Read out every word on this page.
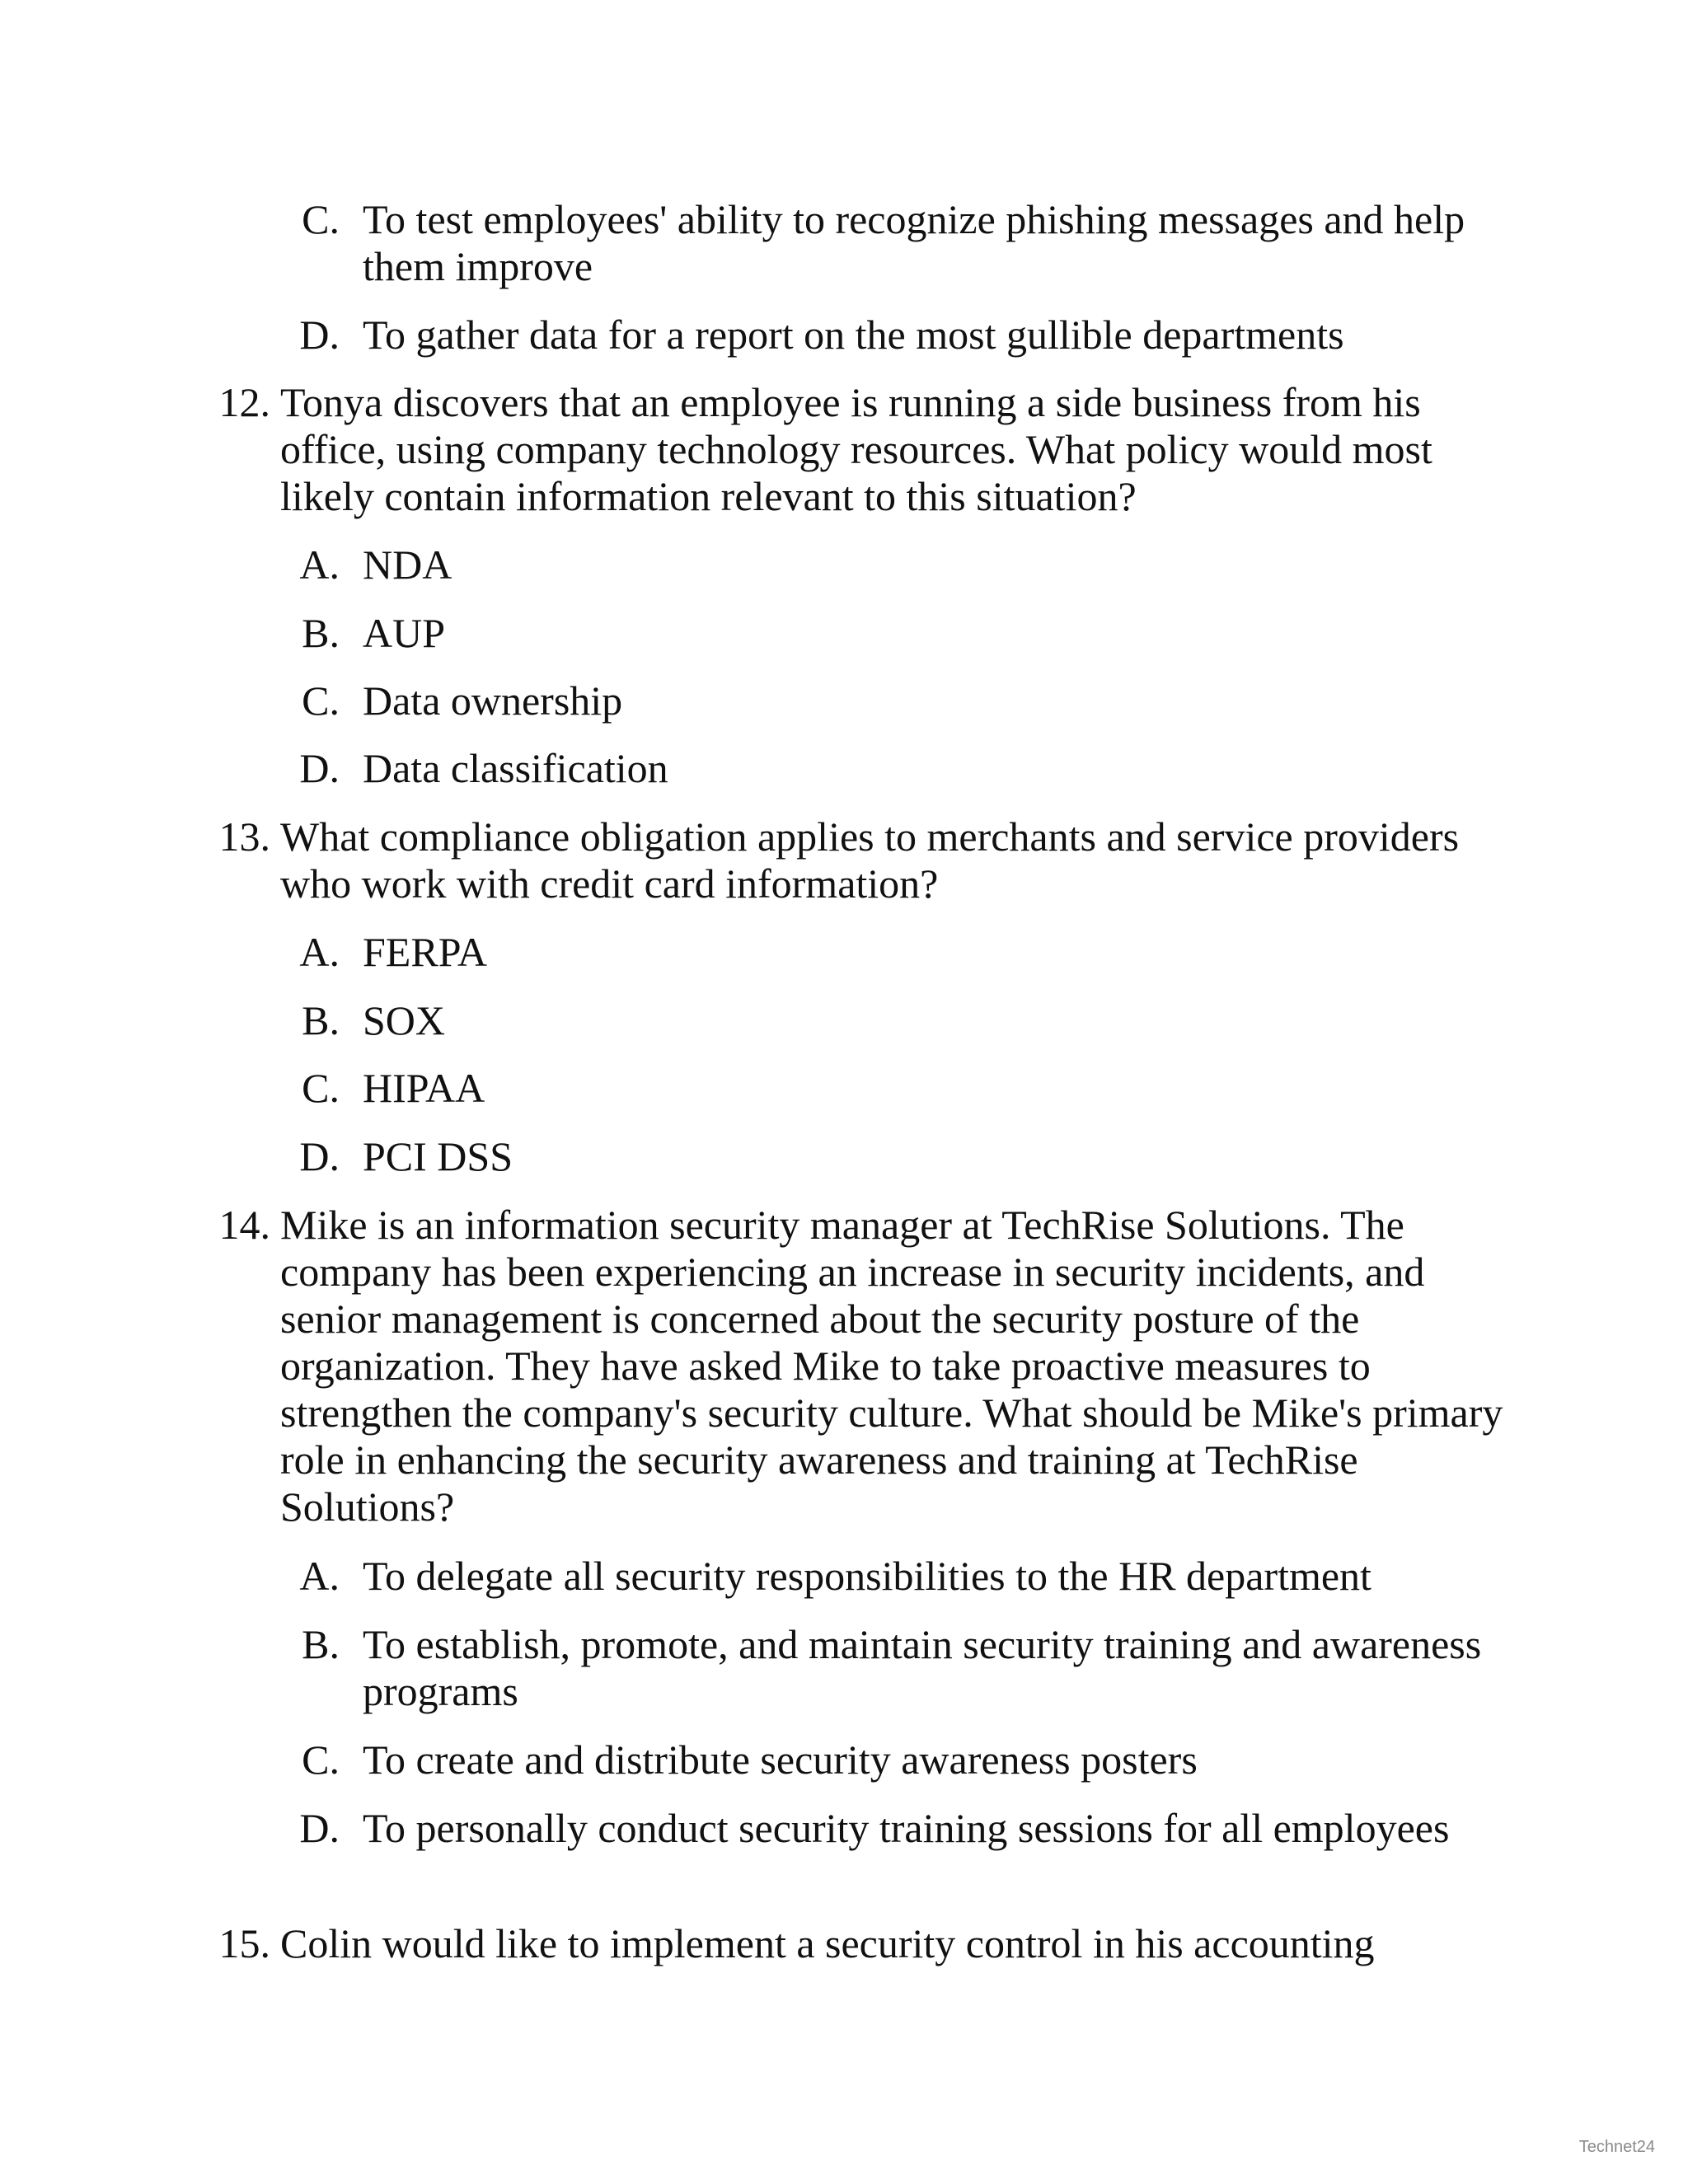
C. To test employees' ability to recognize phishing messages and help them improve
D. To gather data for a report on the most gullible departments
12. Tonya discovers that an employee is running a side business from his office, using company technology resources. What policy would most likely contain information relevant to this situation?
A. NDA
B. AUP
C. Data ownership
D. Data classification
13. What compliance obligation applies to merchants and service providers who work with credit card information?
A. FERPA
B. SOX
C. HIPAA
D. PCI DSS
14. Mike is an information security manager at TechRise Solutions. The company has been experiencing an increase in security incidents, and senior management is concerned about the security posture of the organization. They have asked Mike to take proactive measures to strengthen the company's security culture. What should be Mike's primary role in enhancing the security awareness and training at TechRise Solutions?
A. To delegate all security responsibilities to the HR department
B. To establish, promote, and maintain security training and awareness programs
C. To create and distribute security awareness posters
D. To personally conduct security training sessions for all employees
15. Colin would like to implement a security control in his accounting
Technet24
